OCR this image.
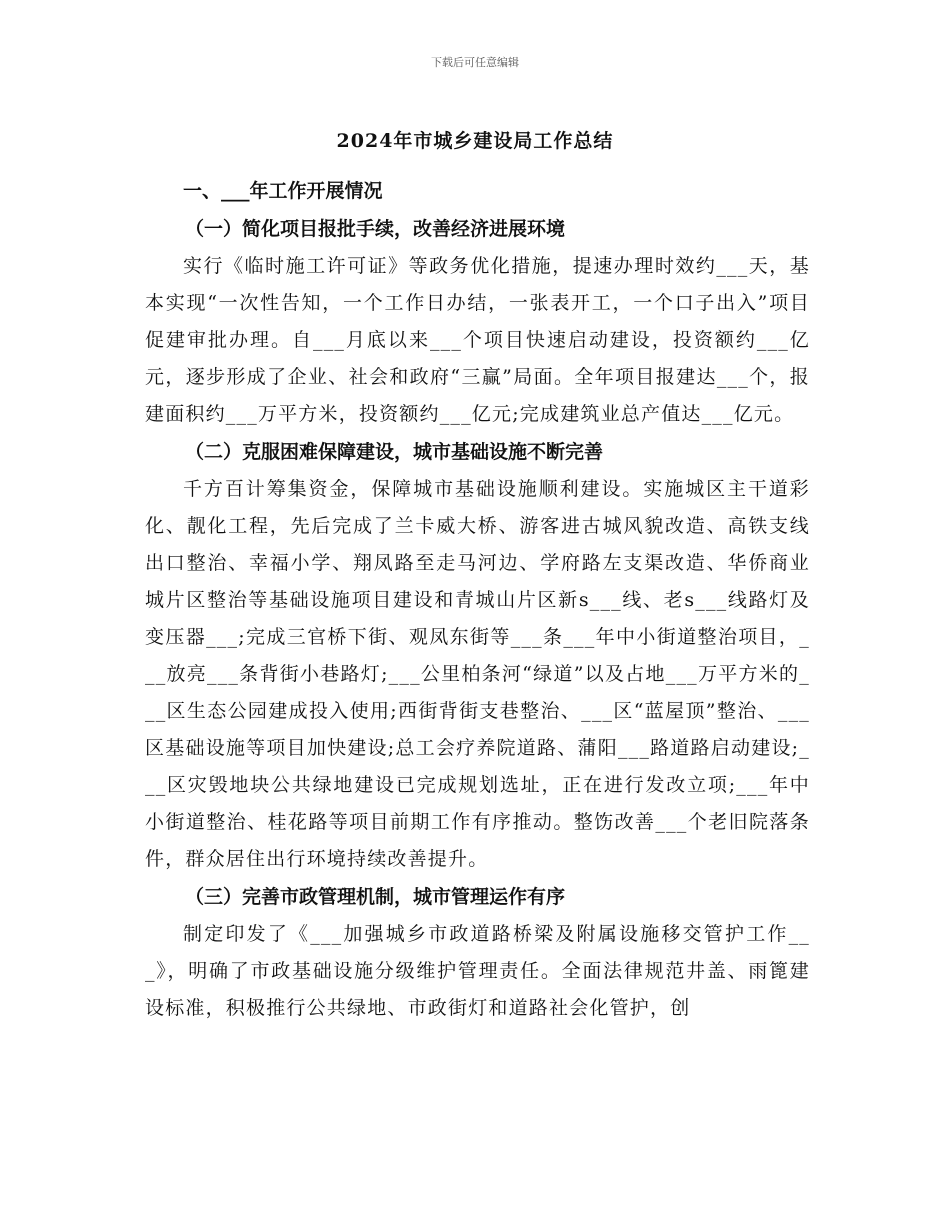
下载后可任意编辑
2024年市城乡建设局工作总结
一、___年工作开展情况
（一）简化项目报批手续，改善经济进展环境

实行《临时施工许可证》等政务优化措施，提速办理时效约___天，基本实现“一次性告知，一个工作日办结，一张表开工，一个口子出入”项目促建审批办理。自___月底以来___个项目快速启动建设，投资额约___亿元，逐步形成了企业、社会和政府“三赢”局面。全年项目报建达___个，报建面积约___万平方米，投资额约___亿元;完成建筑业总产值达___亿元。

（二）克服困难保障建设，城市基础设施不断完善

千方百计筹集资金，保障城市基础设施顺利建设。实施城区主干道彩化、靓化工程，先后完成了兰卡威大桥、游客进古城风貌改造、高铁支线出口整治、幸福小学、翔凤路至走马河边、学府路左支渠改造、华侨商业城片区整治等基础设施项目建设和青城山片区新s___线、老s___线路灯及变压器___;完成三官桥下街、观凤东街等___条___年中小街道整治项目，___放亮___条背街小巷路灯;___公里柏条河“绿道”以及占地___万平方米的___区生态公园建成投入使用;西街背街支巷整治、___区“蓝屋顶”整治、___区基础设施等项目加快建设;总工会疗养院道路、蒲阳___路道路启动建设;___区灾毁地块公共绿地建设已完成规划选址，正在进行发改立项;___年中小街道整治、桂花路等项目前期工作有序推动。整饬改善___个老旧院落条件，群众居住出行环境持续改善提升。

（三）完善市政管理机制，城市管理运作有序

制定印发了《___加强城乡市政道路桥梁及附属设施移交管护工作___》，明确了市政基础设施分级维护管理责任。全面法律规范井盖、雨篦建设标准，积极推行公共绿地、市政街灯和道路社会化管护，创
